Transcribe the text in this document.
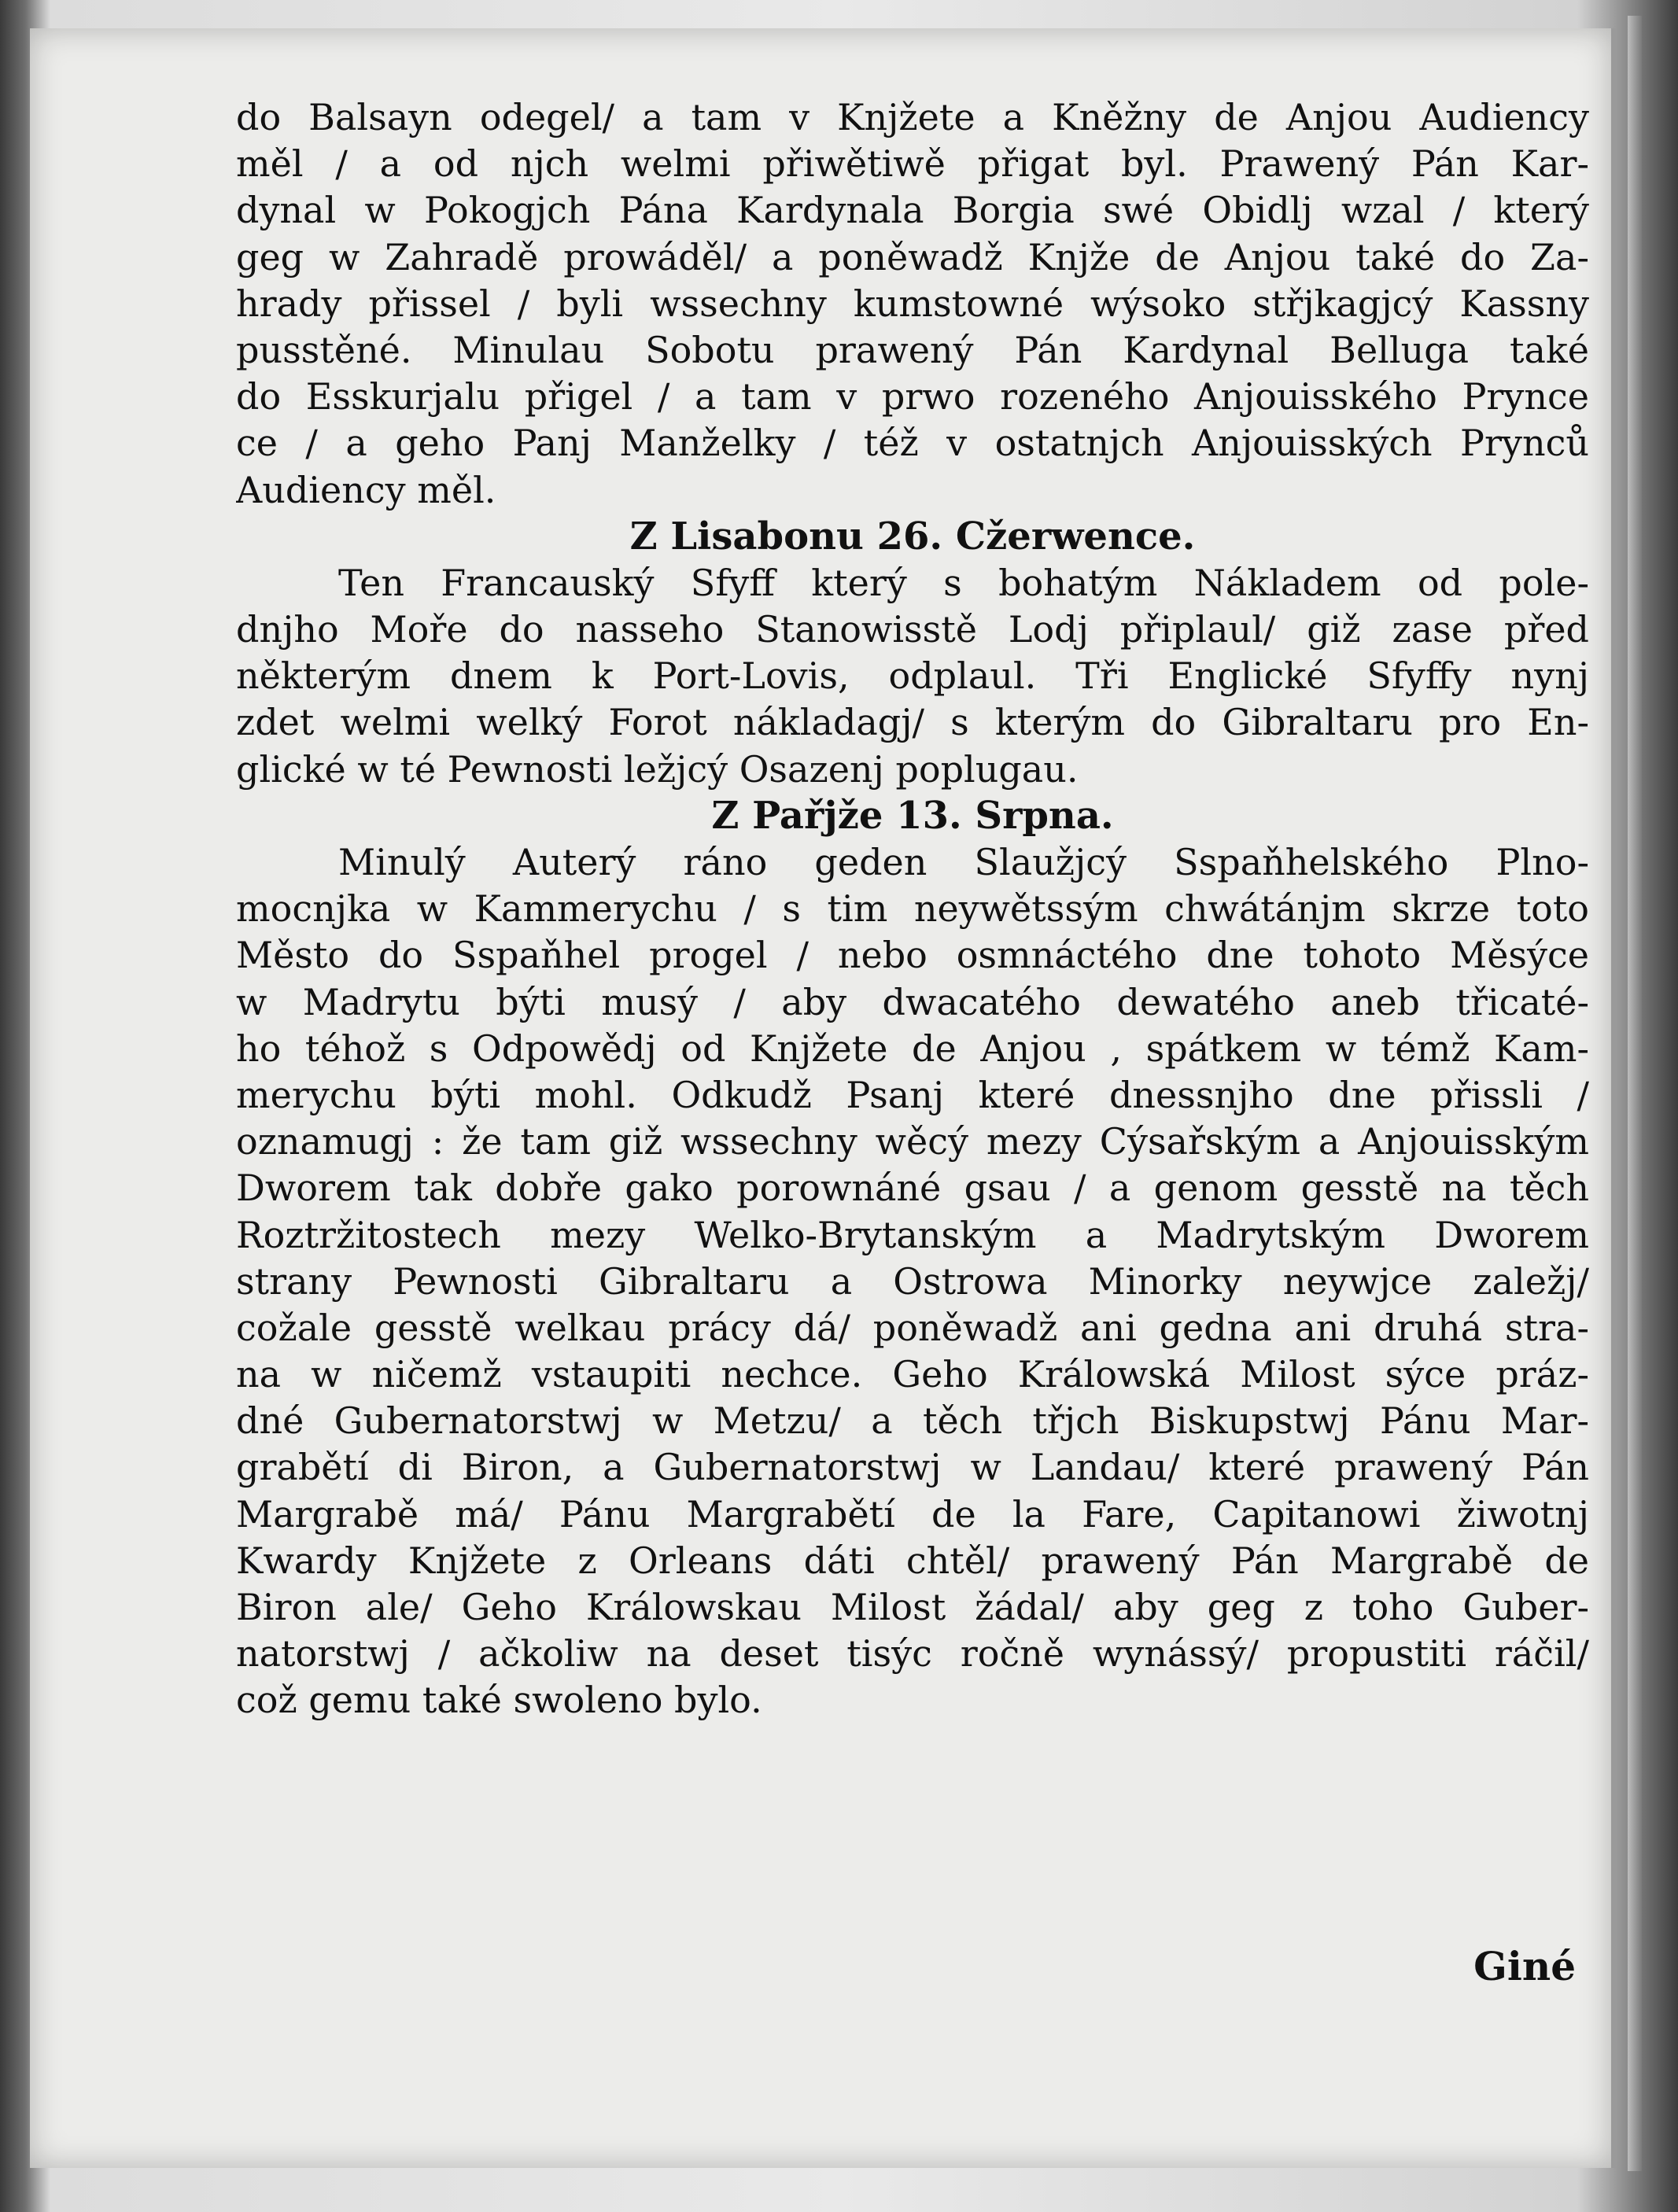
do Balsayn odegel/ a tam v Knjžete a Kněžny de Anjou Audiency
měl / a od njch welmi přiwětiwě přigat byl. Prawený Pán Kar-
dynal w Pokogjch Pána Kardynala Borgia swé Obidlj wzal / který
geg w Zahradě prowáděl/ a poněwadž Knjže de Anjou také do Za-
hrady přissel / byli wssechny kumstowné wýsoko střjkagjcý Kassny
pusstěné. Minulau Sobotu prawený Pán Kardynal Belluga také
do Esskurjalu přigel / a tam v prwo rozeného Anjouisského Prynce
ce / a geho Panj Manželky / též v ostatnjch Anjouisských Prynců
Audiency měl.
Z Lisabonu 26. Cžerwence.
Ten Francauský Sfyff který s bohatým Nákladem od pole-
dnjho Moře do nasseho Stanowisstě Lodj připlaul/ giž zase před
některým dnem k Port-Lovis, odplaul. Tři Englické Sfyffy nynj
zdet welmi welký Forot nákladagj/ s kterým do Gibraltaru pro En-
glické w té Pewnosti ležjcý Osazenj poplugau.
Z Pařjže 13. Srpna.
Minulý Auterý ráno geden Slaužjcý Sspaňhelského Plno-
mocnjka w Kammerychu / s tim neywětssým chwátánjm skrze toto
Město do Sspaňhel progel / nebo osmnáctého dne tohoto Měsýce
w Madrytu býti musý / aby dwacatého dewatého aneb třicaté-
ho téhož s Odpowědj od Knjžete de Anjou , spátkem w témž Kam-
merychu býti mohl. Odkudž Psanj které dnessnjho dne přissli /
oznamugj : že tam giž wssechny wěcý mezy Cýsařským a Anjouisským
Dworem tak dobře gako porownáné gsau / a genom gesstě na těch
Roztržitostech mezy Welko-Brytanským a Madrytským Dworem
strany Pewnosti Gibraltaru a Ostrowa Minorky neywjce zaležj/
cožale gesstě welkau prácy dá/ poněwadž ani gedna ani druhá stra-
na w ničemž vstaupiti nechce. Geho Králowská Milost sýce práz-
dné Gubernatorstwj w Metzu/ a těch třjch Biskupstwj Pánu Mar-
grabětí di Biron, a Gubernatorstwj w Landau/ které prawený Pán
Margrabě má/ Pánu Margrabětí de la Fare, Capitanowi žiwotnj
Kwardy Knjžete z Orleans dáti chtěl/ prawený Pán Margrabě de
Biron ale/ Geho Králowskau Milost žádal/ aby geg z toho Guber-
natorstwj / ačkoliw na deset tisýc ročně wynássý/ propustiti ráčil/
což gemu také swoleno bylo.
Giné
